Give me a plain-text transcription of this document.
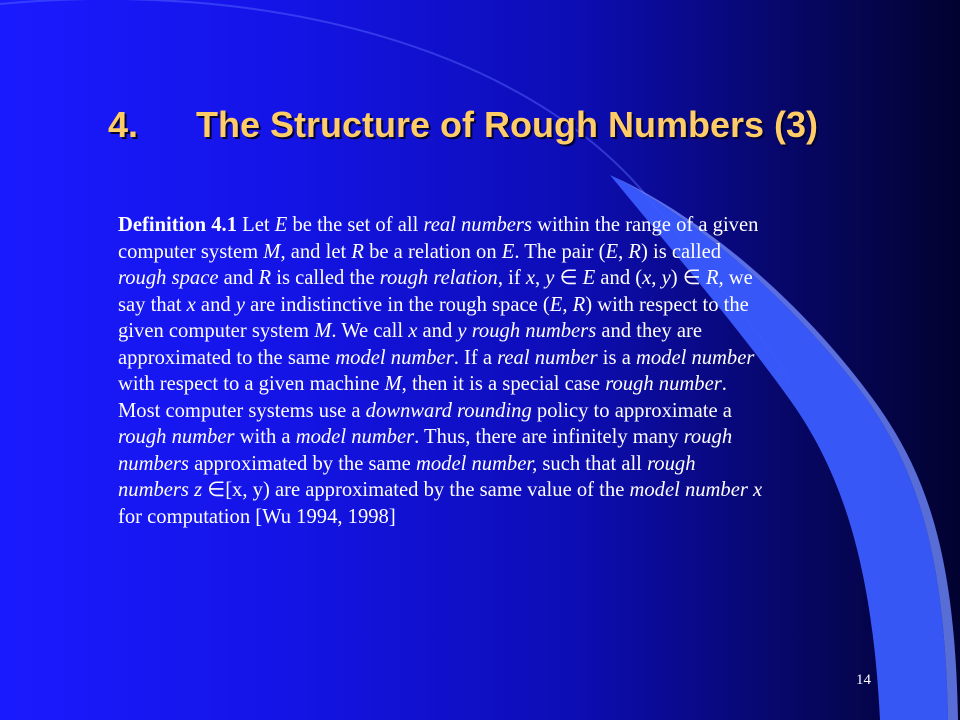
4. The Structure of Rough Numbers (3)
Definition 4.1 Let E be the set of all real numbers within the range of a given
computer system M, and let R be a relation on E. The pair (E, R) is called
rough space and R is called the rough relation, if x, y ∈ E and (x, y) ∈ R, we
say that x and y are indistinctive in the rough space (E, R) with respect to the
given computer system M. We call x and y rough numbers and they are
approximated to the same model number. If a real number is a model number
with respect to a given machine M, then it is a special case rough number.
Most computer systems use a downward rounding policy to approximate a
rough number with a model number. Thus, there are infinitely many rough
numbers approximated by the same model number, such that all rough
numbers z ∈[x, y) are approximated by the same value of the model number x
for computation [Wu 1994, 1998]
14
